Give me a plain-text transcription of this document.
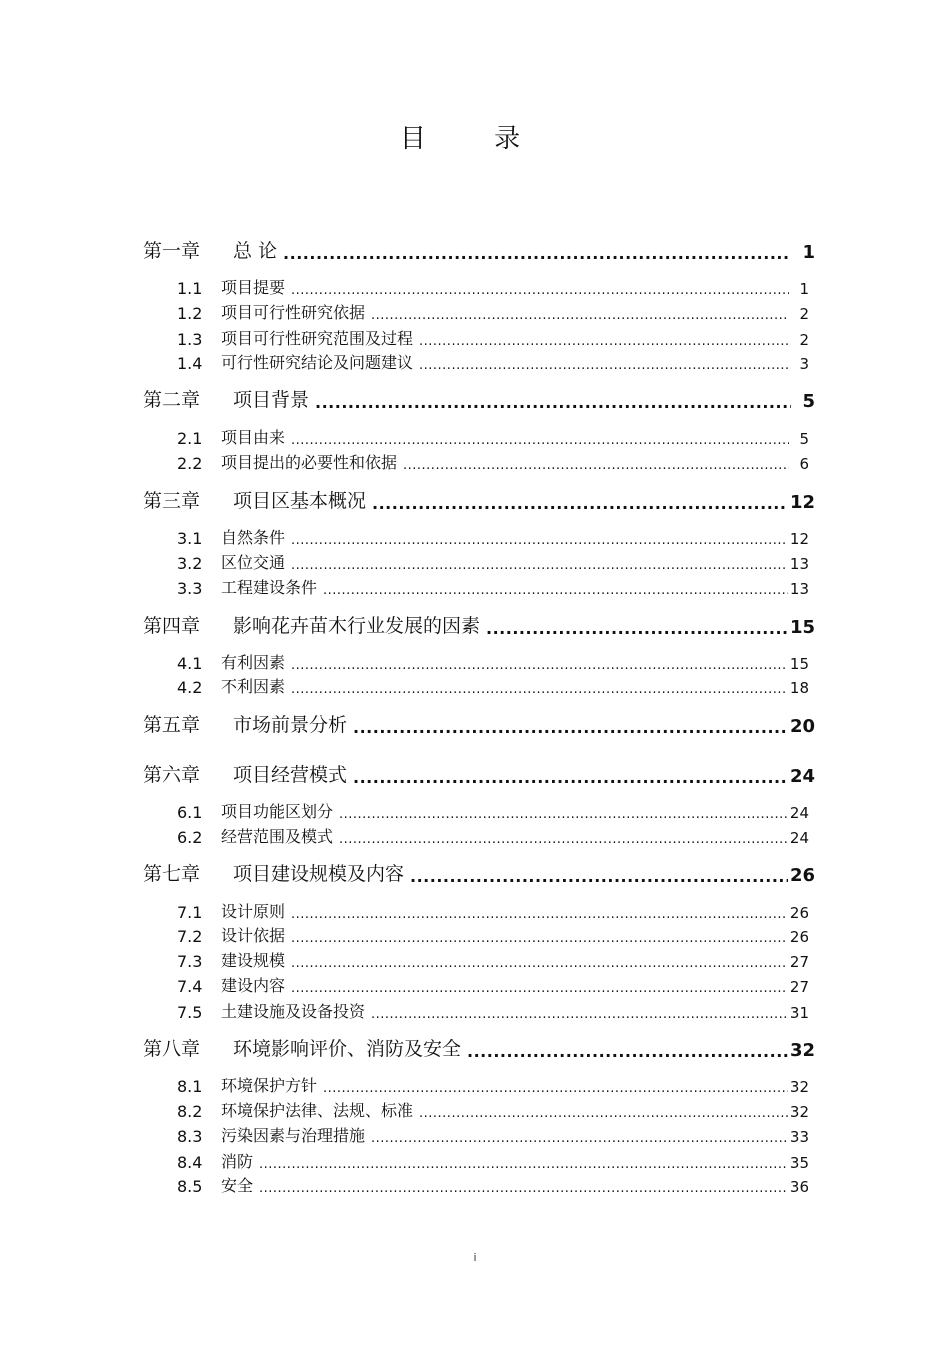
目 录
第一章	总 论 .....	1
1.1	项目提要 .....	1
1.2	项目可行性研究依据 .....	2
1.3	项目可行性研究范围及过程 .....	2
1.4	可行性研究结论及问题建议 .....	3
第二章	项目背景 .....	5
2.1	项目由来 .....	5
2.2	项目提出的必要性和依据 .....	6
第三章	项目区基本概况 .....	12
3.1	自然条件 .....	12
3.2	区位交通 .....	13
3.3	工程建设条件 .....	13
第四章	影响花卉苗木行业发展的因素 .....	15
4.1	有利因素 .....	15
4.2	不利因素 .....	18
第五章	市场前景分析 .....	20
第六章	项目经营模式 .....	24
6.1	项目功能区划分 .....	24
6.2	经营范围及模式 .....	24
第七章	项目建设规模及内容 .....	26
7.1	设计原则 .....	26
7.2	设计依据 .....	26
7.3	建设规模 .....	27
7.4	建设内容 .....	27
7.5	土建设施及设备投资 .....	31
第八章	环境影响评价、消防及安全 .....	32
8.1	环境保护方针 .....	32
8.2	环境保护法律、法规、标准 .....	32
8.3	污染因素与治理措施 .....	33
8.4	消防 .....	35
8.5	安全 .....	36
i
